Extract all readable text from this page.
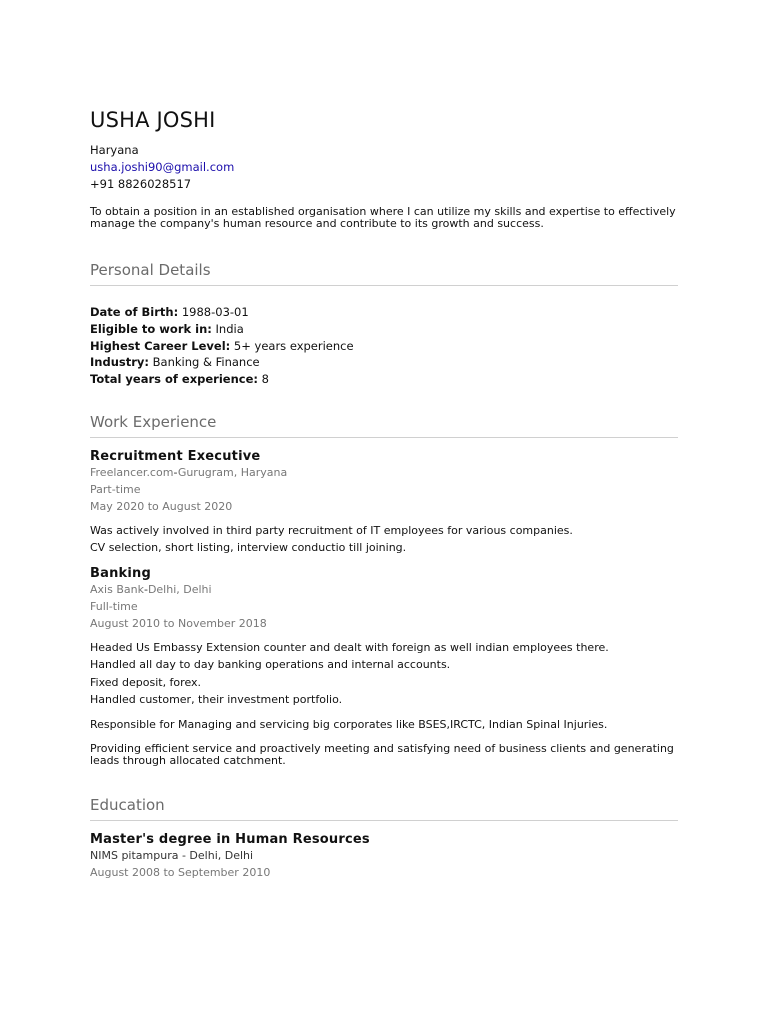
USHA JOSHI
Haryana
usha.joshi90@gmail.com
+91 8826028517
To obtain a position in an established organisation where I can utilize my skills and expertise to effectively manage the company's human resource and contribute to its growth and success.
Personal Details
Date of Birth: 1988-03-01
Eligible to work in: India
Highest Career Level: 5+ years experience
Industry: Banking & Finance
Total years of experience: 8
Work Experience
Recruitment Executive
Freelancer.com-Gurugram, Haryana
Part-time
May 2020 to August 2020
Was actively involved in third party recruitment of IT employees for various companies.
CV selection, short listing, interview conductio till joining.
Banking
Axis Bank-Delhi, Delhi
Full-time
August 2010 to November 2018
Headed Us Embassy Extension counter and dealt with foreign as well indian employees there.
Handled all day to day banking operations and internal accounts.
Fixed deposit, forex.
Handled customer, their investment portfolio.
Responsible for Managing and servicing big corporates like BSES,IRCTC, Indian Spinal Injuries.
Providing efficient service and proactively meeting and satisfying need of business clients and generating leads through allocated catchment.
Education
Master's degree in Human Resources
NIMS pitampura - Delhi, Delhi
August 2008 to September 2010
